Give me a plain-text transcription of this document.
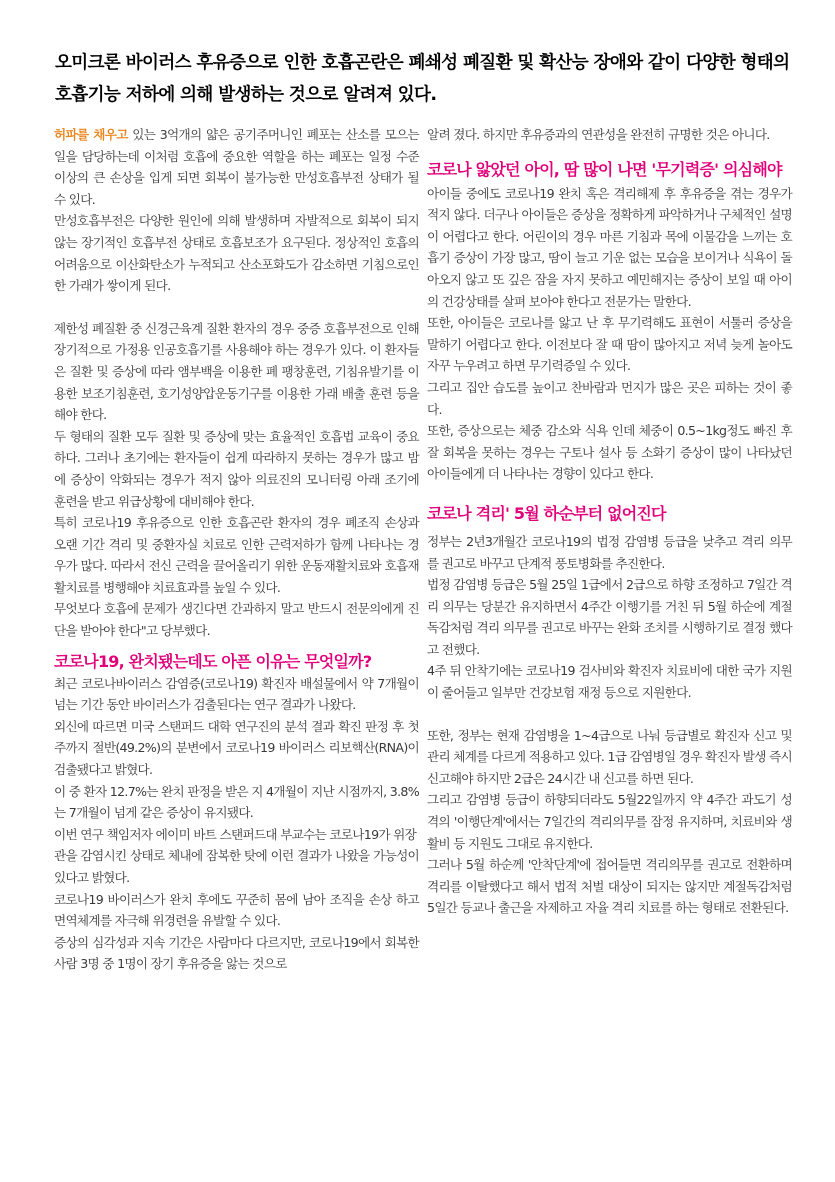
오미크론 바이러스 후유증으로 인한 호흡곤란은 폐쇄성 폐질환 및 확산능 장애와 같이 다양한 형태의 호흡기능 저하에 의해 발생하는 것으로 알려져 있다.

허파를 채우고 있는 3억개의 얇은 공기주머니인 폐포는 산소를 모으는 일을 담당하는데 이처럼 호흡에 중요한 역할을 하는 폐포는 일정 수준 이상의 큰 손상을 입게 되면 회복이 불가능한 만성호흡부전 상태가 될 수 있다.

만성호흡부전은 다양한 원인에 의해 발생하며 자발적으로 회복이 되지 않는 장기적인 호흡부전 상태로 호흡보조가 요구된다. 정상적인 호흡의 어려움으로 이산화탄소가 누적되고 산소포화도가 감소하면 기침으로인한 가래가 쌓이게 된다.

제한성 폐질환 중 신경근육계 질환 환자의 경우 중증 호흡부전으로 인해 장기적으로 가정용 인공호흡기를 사용해야 하는 경우가 있다. 이 환자들은 질환 및 증상에 따라 앰부백을 이용한 폐 팽창훈련, 기침유발기를 이용한 보조기침훈련, 호기성양압운동기구를 이용한 가래 배출 훈련 등을 해야 한다.

두 형태의 질환 모두 질환 및 증상에 맞는 효율적인 호흡법 교육이 중요하다. 그러나 초기에는 환자들이 쉽게 따라하지 못하는 경우가 많고 밤에 증상이 악화되는 경우가 적지 않아 의료진의 모니터링 아래 조기에 훈련을 받고 위급상황에 대비해야 한다.

특히 코로나19 후유증으로 인한 호흡곤란 환자의 경우 폐조직 손상과 오랜 기간 격리 및 중환자실 치료로 인한 근력저하가 함께 나타나는 경우가 많다. 따라서 전신 근력을 끌어올리기 위한 운동재활치료와 호흡재활치료를 병행해야 치료효과를 높일 수 있다.

무엇보다 호흡에 문제가 생긴다면 간과하지 말고 반드시 전문의에게 진단을 받아야 한다"고 당부했다.

코로나19, 완치됐는데도 아픈 이유는 무엇일까?

최근 코로나바이러스 감염증(코로나19) 확진자 배설물에서 약 7개월이 넘는 기간 동안 바이러스가 검출된다는 연구 결과가 나왔다.

외신에 따르면 미국 스탠퍼드 대학 연구진의 분석 결과 확진 판정 후 첫 주까지 절반(49.2%)의 분변에서 코로나19 바이러스 리보핵산(RNA)이 검출됐다고 밝혔다.

이 중 환자 12.7%는 완치 판정을 받은 지 4개월이 지난 시점까지, 3.8%는 7개월이 넘게 같은 증상이 유지됐다.

이번 연구 책임저자 에이미 바트 스탠퍼드대 부교수는 코로나19가 위장

관을 감염시킨 상태로 체내에 잠복한 탓에 이런 결과가 나왔을 가능성이 있다고 밝혔다.

코로나19 바이러스가 완치 후에도 꾸준히 몸에 남아 조직을 손상 하고 면역체계를 자극해 위경련을 유발할 수 있다.

증상의 심각성과 지속 기간은 사람마다 다르지만, 코로나19에서 회복한 사람 3명 중 1명이 장기 후유증을 앓는 것으로

알려 졌다. 하지만 후유증과의 연관성을 완전히 규명한 것은 아니다.

코로나 앓았던 아이, 땀 많이 나면 '무기력증' 의심해야

아이들 중에도 코로나19 완치 혹은 격리해제 후 후유증을 겪는 경우가 적지 않다. 더구나 아이들은 증상을 정확하게 파악하거나 구체적인 설명이 어렵다고 한다. 어린이의 경우 마른 기침과 목에 이물감을 느끼는 호흡기 증상이 가장 많고, 땀이 늘고 기운 없는 모습을 보이거나 식욕이 돌아오지 않고 또 깊은 잠을 자지 못하고 예민해지는 증상이 보일 때 아이의 건강상태를 살펴 보아야 한다고 전문가는 말한다.

또한, 아이들은 코로나를 앓고 난 후 무기력해도 표현이 서툴러 증상을 말하기 어렵다고 한다. 이전보다 잘 때 땀이 많아지고 저녁 늦게 놀아도 자꾸 누우려고 하면 무기력증일 수 있다.

그리고 집안 습도를 높이고 찬바람과 먼지가 많은 곳은 피하는 것이 좋다.

또한, 증상으로는 체중 감소와 식욕 인데 체중이 0.5~1kg정도 빠진 후 잘 회복을 못하는 경우는 구토나 설사 등 소화기 증상이 많이 나타났던 아이들에게 더 나타나는 경향이 있다고 한다.

코로나 격리' 5월 하순부터 없어진다

정부는 2년3개월간 코로나19의 법정 감염병 등급을 낮추고 격리 의무를 권고로 바꾸고 단계적 풍토병화를 추진한다.

법정 감염병 등급은 5월 25일 1급에서 2급으로 하향 조정하고 7일간 격리 의무는 당분간 유지하면서 4주간 이행기를 거친 뒤 5월 하순에 계절 독감처럼 격리 의무를 권고로 바꾸는 완화 조치를 시행하기로 결정 했다고 전했다.

4주 뒤 안착기에는 코로나19 검사비와 확진자 치료비에 대한 국가 지원이 줄어들고 일부만 건강보험 재정 등으로 지원한다.

또한, 정부는 현재 감염병을 1~4급으로 나눠 등급별로 확진자 신고 및 관리 체계를 다르게 적용하고 있다. 1급 감염병일 경우 확진자 발생 즉시 신고해야 하지만 2급은 24시간 내 신고를 하면 된다.

그리고 감염병 등급이 하향되더라도 5월22일까지 약 4주간 과도기 성격의 '이행단계'에서는 7일간의 격리의무를 잠정 유지하며, 치료비와 생활비 등 지원도 그대로 유지한다.

그러나 5월 하순께 '안착단계'에 접어들면 격리의무를 권고로 전환하며 격리를 이탈했다고 해서 법적 처벌 대상이 되지는 않지만 계절독감처럼 5일간 등교나 출근을 자제하고 자율 격리 치료를 하는 형태로 전환된다.
